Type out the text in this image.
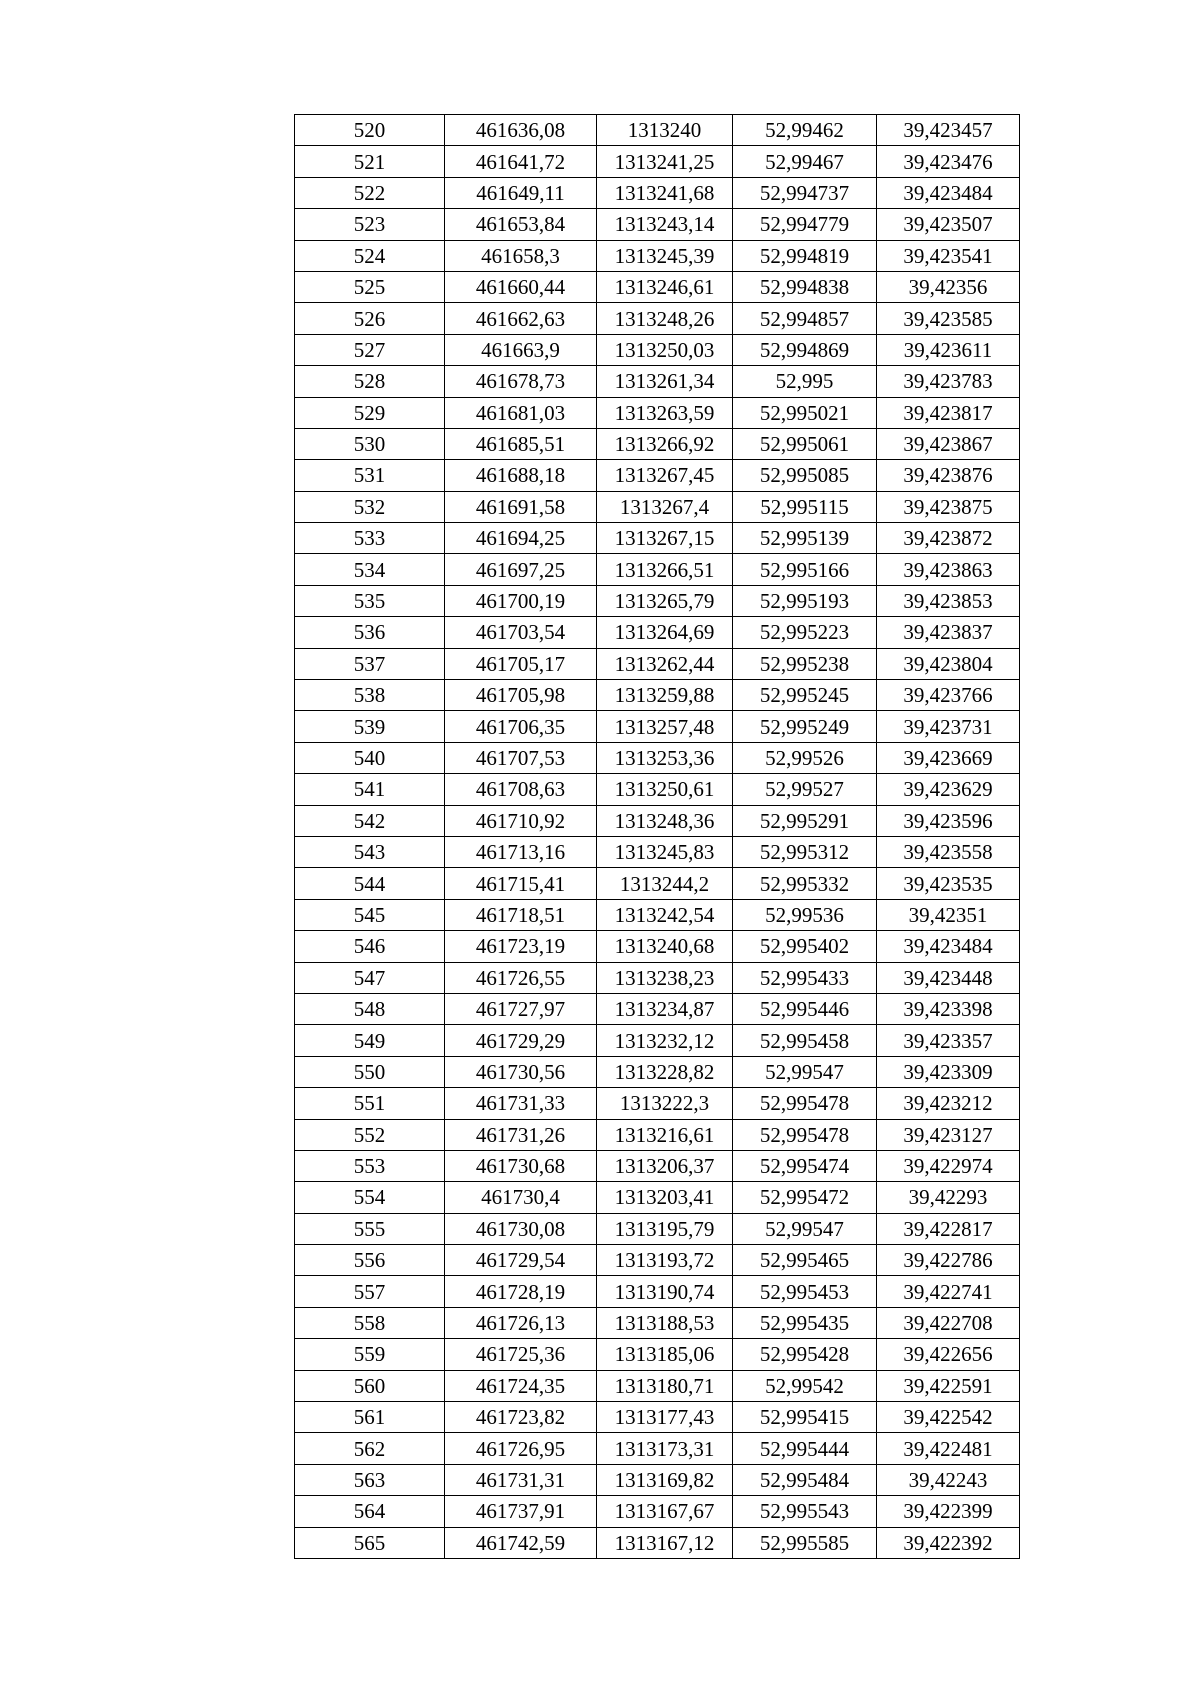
520	461636,08	1313240	52,99462	39,423457
521	461641,72	1313241,25	52,99467	39,423476
522	461649,11	1313241,68	52,994737	39,423484
523	461653,84	1313243,14	52,994779	39,423507
524	461658,3	1313245,39	52,994819	39,423541
525	461660,44	1313246,61	52,994838	39,42356
526	461662,63	1313248,26	52,994857	39,423585
527	461663,9	1313250,03	52,994869	39,423611
528	461678,73	1313261,34	52,995	39,423783
529	461681,03	1313263,59	52,995021	39,423817
530	461685,51	1313266,92	52,995061	39,423867
531	461688,18	1313267,45	52,995085	39,423876
532	461691,58	1313267,4	52,995115	39,423875
533	461694,25	1313267,15	52,995139	39,423872
534	461697,25	1313266,51	52,995166	39,423863
535	461700,19	1313265,79	52,995193	39,423853
536	461703,54	1313264,69	52,995223	39,423837
537	461705,17	1313262,44	52,995238	39,423804
538	461705,98	1313259,88	52,995245	39,423766
539	461706,35	1313257,48	52,995249	39,423731
540	461707,53	1313253,36	52,99526	39,423669
541	461708,63	1313250,61	52,99527	39,423629
542	461710,92	1313248,36	52,995291	39,423596
543	461713,16	1313245,83	52,995312	39,423558
544	461715,41	1313244,2	52,995332	39,423535
545	461718,51	1313242,54	52,99536	39,42351
546	461723,19	1313240,68	52,995402	39,423484
547	461726,55	1313238,23	52,995433	39,423448
548	461727,97	1313234,87	52,995446	39,423398
549	461729,29	1313232,12	52,995458	39,423357
550	461730,56	1313228,82	52,99547	39,423309
551	461731,33	1313222,3	52,995478	39,423212
552	461731,26	1313216,61	52,995478	39,423127
553	461730,68	1313206,37	52,995474	39,422974
554	461730,4	1313203,41	52,995472	39,42293
555	461730,08	1313195,79	52,99547	39,422817
556	461729,54	1313193,72	52,995465	39,422786
557	461728,19	1313190,74	52,995453	39,422741
558	461726,13	1313188,53	52,995435	39,422708
559	461725,36	1313185,06	52,995428	39,422656
560	461724,35	1313180,71	52,99542	39,422591
561	461723,82	1313177,43	52,995415	39,422542
562	461726,95	1313173,31	52,995444	39,422481
563	461731,31	1313169,82	52,995484	39,42243
564	461737,91	1313167,67	52,995543	39,422399
565	461742,59	1313167,12	52,995585	39,422392
